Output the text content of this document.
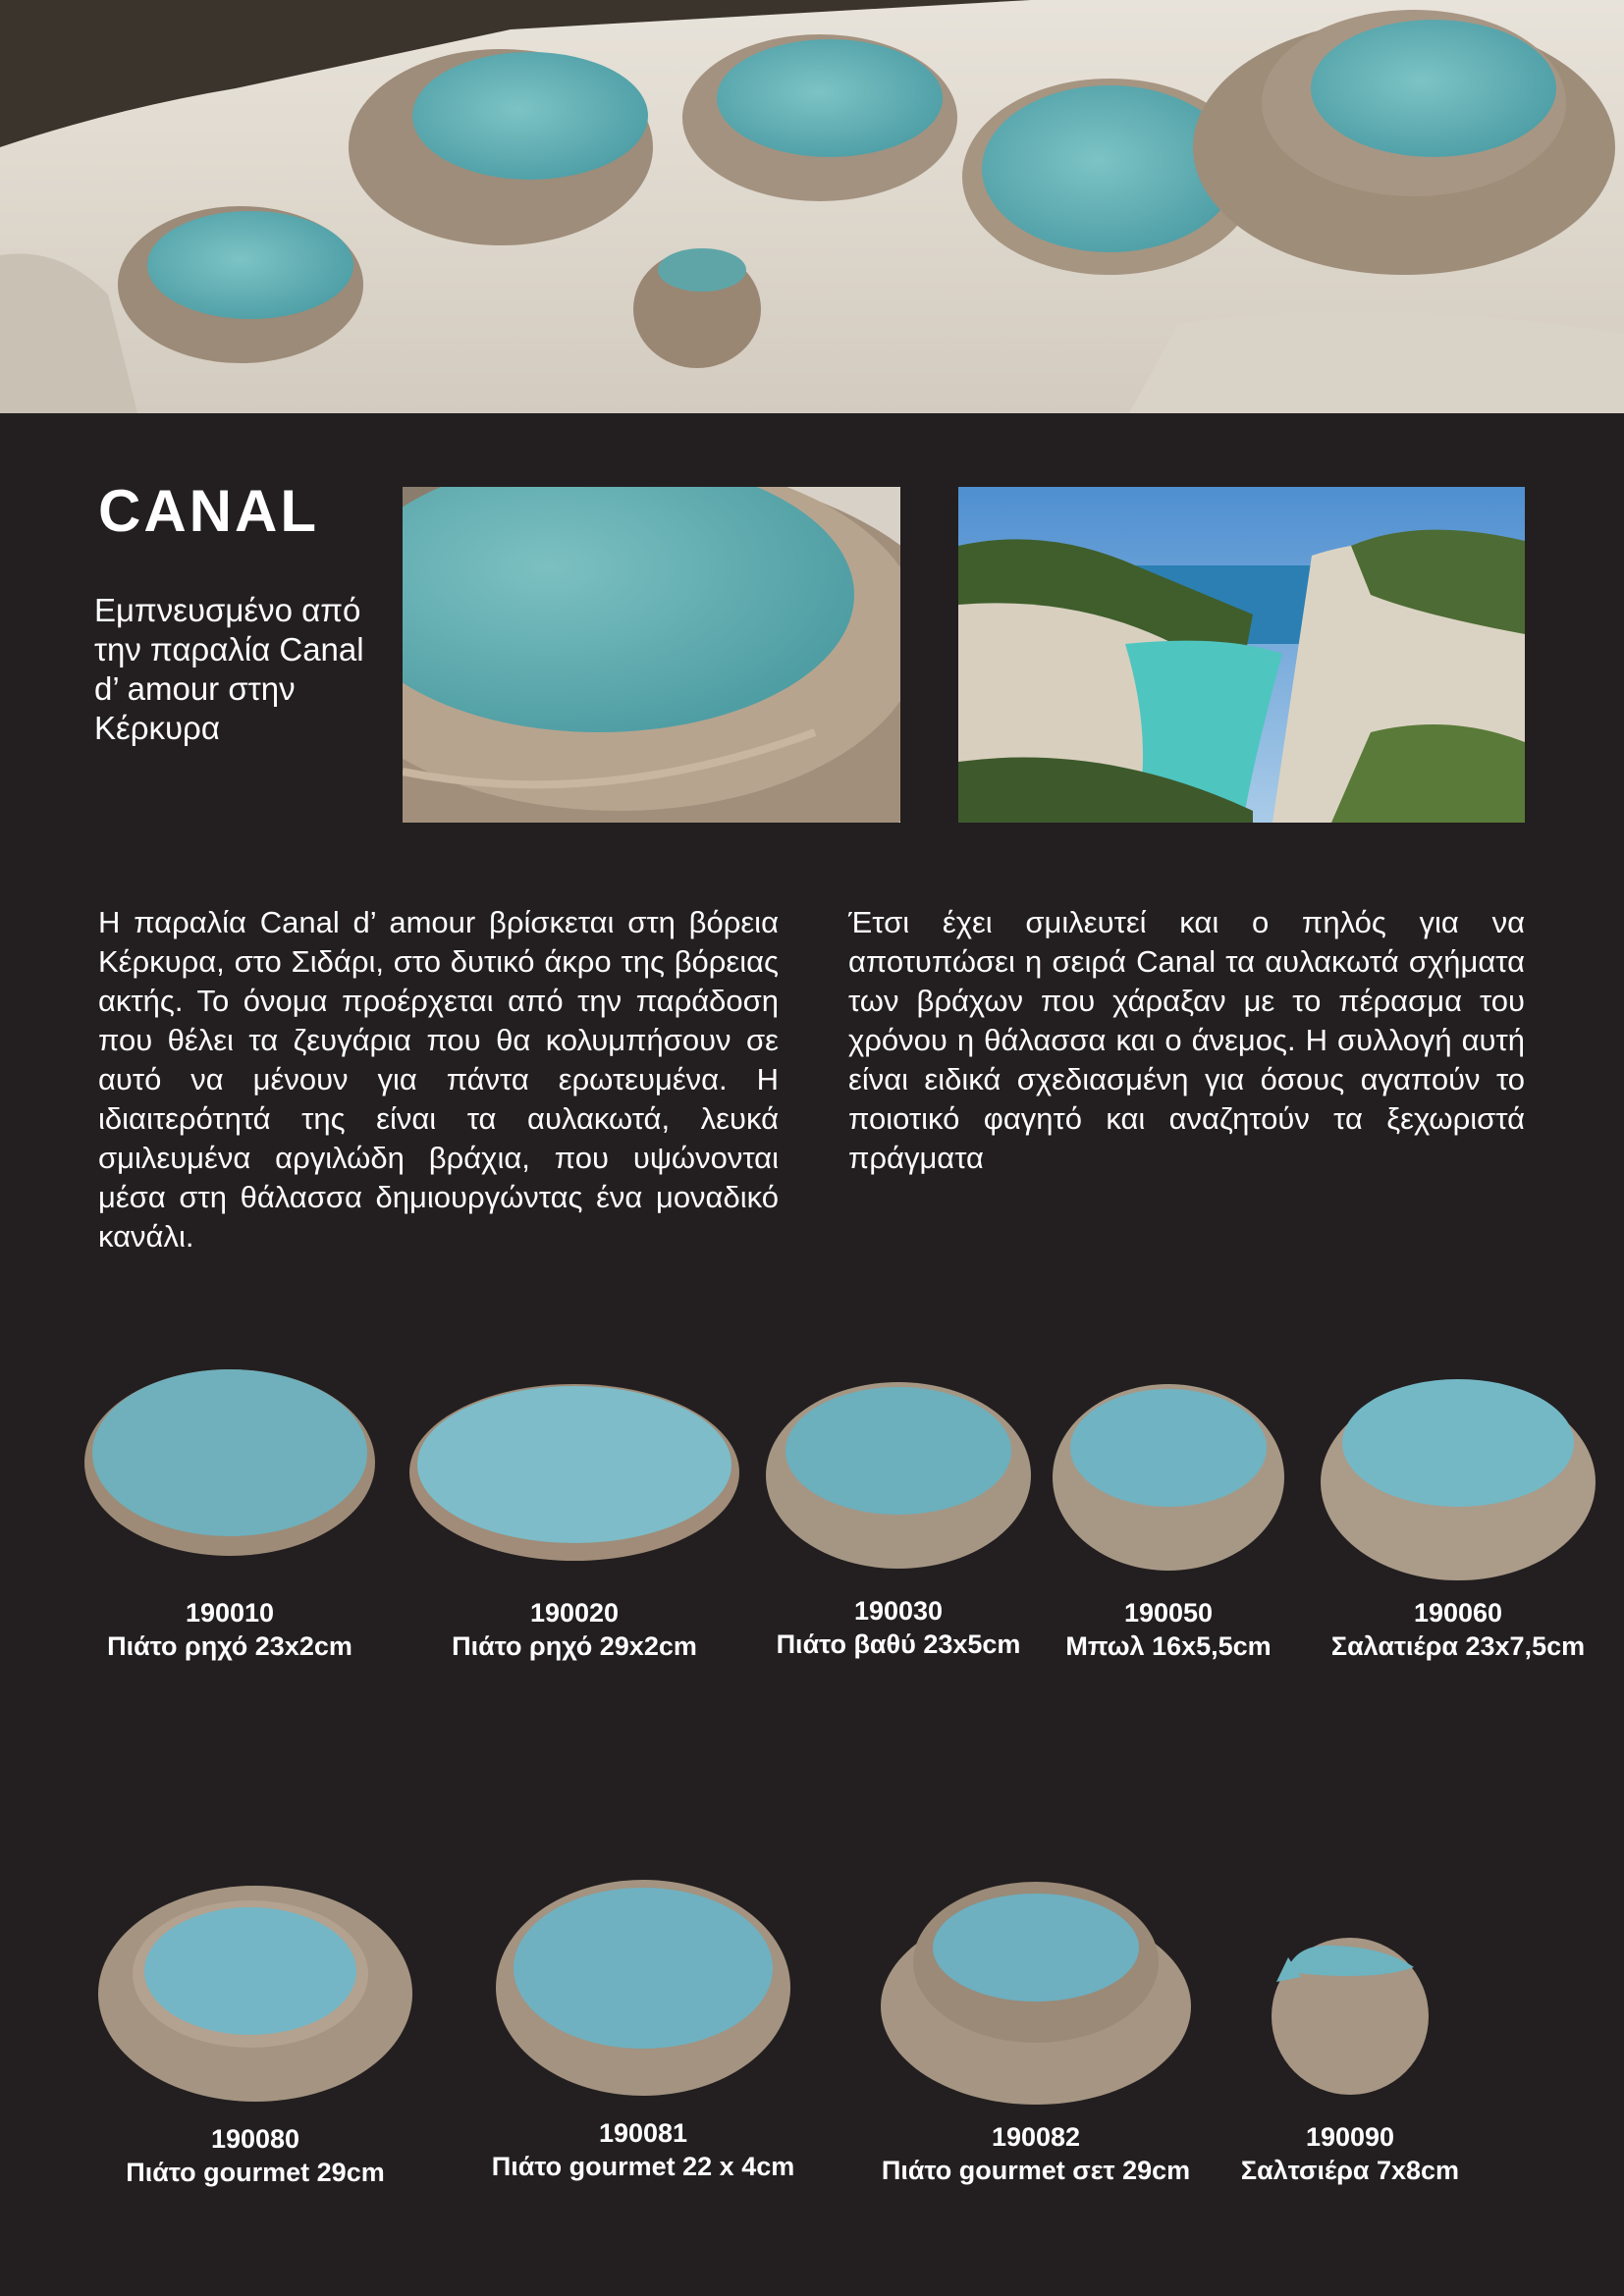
CANAL
Εμπνευσμένο από την παραλία Canal d’ amour στην Κέρκυρα
Η παραλία Canal d’ amour βρίσκεται στη βόρεια Κέρκυρα, στο Σιδάρι, στο δυτικό άκρο της βόρειας ακτής. Το όνομα προέρχεται από την παράδοση που θέλει τα ζευγάρια που θα κολυμπήσουν σε αυτό να μένουν για πάντα ερωτευμένα. Η ιδιαιτερότητά της είναι τα αυλακωτά, λευκά σμιλευμένα αργιλώδη βράχια, που υψώνονται μέσα στη θάλασσα δημιουργώντας ένα μοναδικό κανάλι.
Έτσι έχει σμιλευτεί και ο πηλός για να αποτυπώσει η σειρά Canal τα αυλακωτά σχήματα των βράχων που χάραξαν με το πέρασμα του χρόνου η θάλασσα και ο άνεμος. Η συλλογή αυτή είναι ειδικά σχεδιασμένη για όσους αγαπούν το ποιοτικό φαγητό και αναζητούν τα ξεχωριστά πράγματα
190010
Πιάτο ρηχό 23x2cm
190020
Πιάτο ρηχό 29x2cm
190030
Πιάτο βαθύ 23x5cm
190050
Μπωλ 16x5,5cm
190060
Σαλατιέρα 23x7,5cm
190080
Πιάτο gourmet 29cm
190081
Πιάτο gourmet 22 x 4cm
190082
Πιάτο gourmet σετ 29cm
190090
Σαλτσιέρα 7x8cm
